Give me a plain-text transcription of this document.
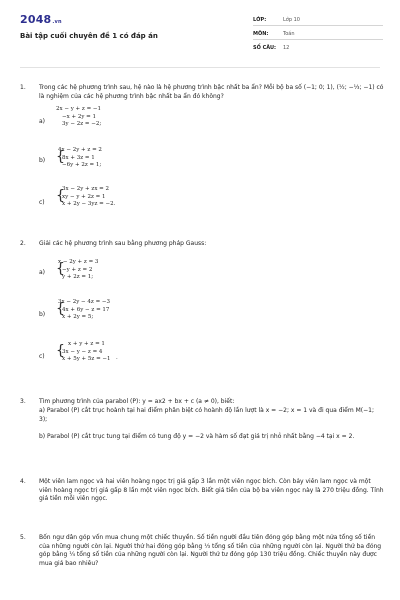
2048.vn
Bài tập cuối chuyên đề 1 có đáp án
LỚP:	Lớp 10
MÔN:	Toán
SỐ CÂU: 12
1. Trong các hệ phương trình sau, hệ nào là hệ phương trình bậc nhất ba ẩn? Mỗi bộ ba số (−1; 0; 1), (½; −⅓; −1) có là nghiệm của các hệ phương trình bậc nhất ba ẩn đó không?
a)
2x − y + z = −1
−x + 2y = 1
3y − 2z = −2;
b) {
4x − 2y + z = 2
8x + 3z = 1
−6y + 2z = 1;
c) {
3x − 2y + zx = 2
xy − y + 2z = 1
x + 2y − 3yz = −2.
2. Giải các hệ phương trình sau bằng phương pháp Gauss:
a) {
x − 2y + z = 3
−y + z = 2
y + 2z = 1;
b) {
3x − 2y − 4z = −3
4x + 6y − z = 17
x + 2y = 5;
c) { x + y + z = 1
3x − y − z = 4
x + 5y + 5z = −1 .
3. Tìm phương trình của parabol (P): y = ax2 + bx + c (a ≠ 0), biết:
a) Parabol (P) cắt trục hoành tại hai điểm phân biệt có hoành độ lần lượt là x = −2; x = 1 và đi qua điểm M(−1; 3);
b) Parabol (P) cắt trục tung tại điểm có tung độ y = −2 và hàm số đạt giá trị nhỏ nhất bằng −4 tại x = 2.
4. Một viên lam ngọc và hai viên hoàng ngọc trị giá gấp 3 lần một viên ngọc bích. Còn bảy viên lam ngọc và một viên hoàng ngọc trị giá gấp 8 lần một viên ngọc bích. Biết giá tiền của bộ ba viên ngọc này là 270 triệu đồng. Tính giá tiền mỗi viên ngọc.
5. Bốn ngư dân góp vốn mua chung một chiếc thuyền. Số tiền người đầu tiên đóng góp bằng một nửa tổng số tiền của những người còn lại. Người thứ hai đóng góp bằng ⅓ tổng số tiền của những người còn lại. Người thứ ba đóng góp bằng ¼ tổng số tiền của những người còn lại. Người thứ tư đóng góp 130 triệu đồng. Chiếc thuyền này được mua giá bao nhiêu?
